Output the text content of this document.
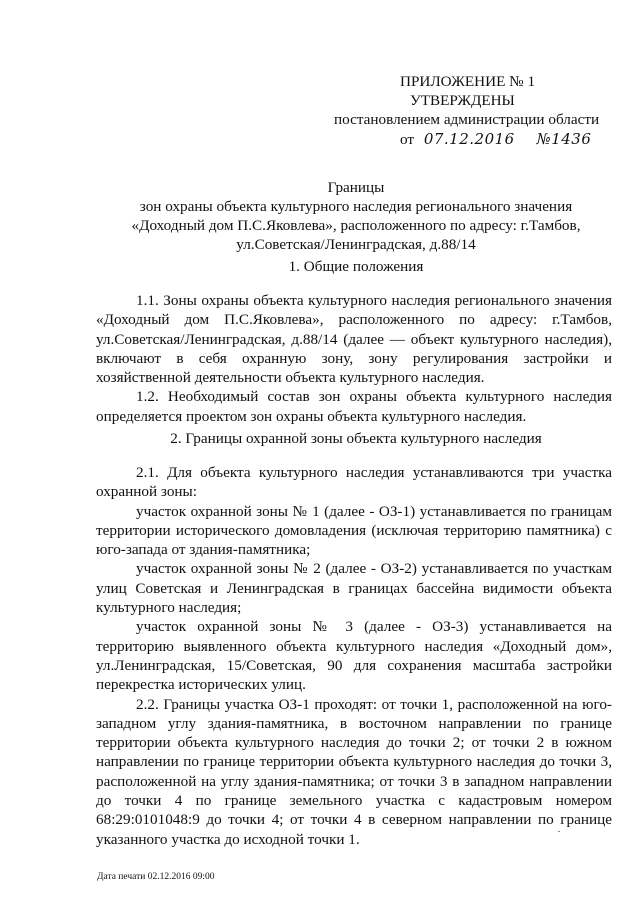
ПРИЛОЖЕНИЕ № 1
УТВЕРЖДЕНЫ
постановлением администрации области
от 07.12.2016 №1436
Границы
зон охраны объекта культурного наследия регионального значения
«Доходный дом П.С.Яковлева», расположенного по адресу: г.Тамбов,
ул.Советская/Ленинградская, д.88/14
1. Общие положения

1.1. Зоны охраны объекта культурного наследия регионального значения «Доходный дом П.С.Яковлева», расположенного по адресу: г.Тамбов, ул.Советская/Ленинградская, д.88/14 (далее — объект культурного наследия), включают в себя охранную зону, зону регулирования застройки и хозяйственной деятельности объекта культурного наследия.

1.2. Необходимый состав зон охраны объекта культурного наследия определяется проектом зон охраны объекта культурного наследия.

2. Границы охранной зоны объекта культурного наследия

2.1. Для объекта культурного наследия устанавливаются три участка охранной зоны:

участок охранной зоны № 1 (далее - ОЗ-1) устанавливается по границам территории исторического домовладения (исключая территорию памятника) с юго-запада от здания-памятника;

участок охранной зоны № 2 (далее - ОЗ-2) устанавливается по участкам улиц Советская и Ленинградская в границах бассейна видимости объекта культурного наследия;

участок охранной зоны № 3 (далее - ОЗ-3) устанавливается на территорию выявленного объекта культурного наследия «Доходный дом», ул.Ленинградская, 15/Советская, 90 для сохранения масштаба застройки перекрестка исторических улиц.

2.2. Границы участка ОЗ-1 проходят: от точки 1, расположенной на юго-западном углу здания-памятника, в восточном направлении по границе территории объекта культурного наследия до точки 2; от точки 2 в южном направлении по границе территории объекта культурного наследия до точки 3, расположенной на углу здания-памятника; от точки 3 в западном направлении до точки 4 по границе земельного участка с кадастровым номером 68:29:0101048:9 до точки 4; от точки 4 в северном направлении по границе указанного участка до исходной точки 1.

Дата печати 02.12.2016 09:00
